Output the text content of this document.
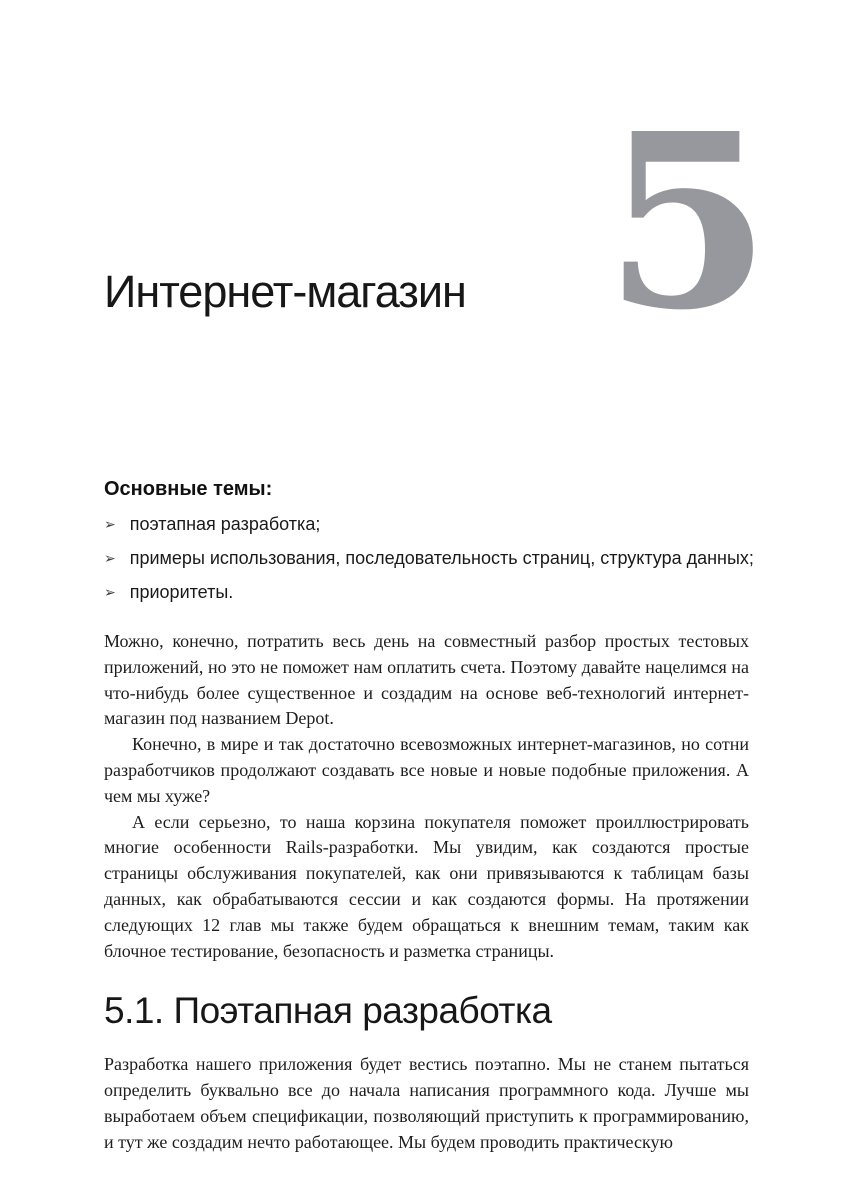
5
Интернет-магазин
Основные темы:
➢ поэтапная разработка;
➢ примеры использования, последовательность страниц, структура данных;
➢ приоритеты.

Можно, конечно, потратить весь день на совместный разбор простых тестовых приложений, но это не поможет нам оплатить счета. Поэтому давайте нацелимся на что-нибудь более существенное и создадим на основе веб-технологий интернет-магазин под названием Depot.

Конечно, в мире и так достаточно всевозможных интернет-магазинов, но сотни разработчиков продолжают создавать все новые и новые подобные приложения. А чем мы хуже?

А если серьезно, то наша корзина покупателя поможет проиллюстрировать многие особенности Rails-разработки. Мы увидим, как создаются простые страницы обслуживания покупателей, как они привязываются к таблицам базы данных, как обрабатываются сессии и как создаются формы. На протяжении следующих 12 глав мы также будем обращаться к внешним темам, таким как блочное тестирование, безопасность и разметка страницы.

5.1. Поэтапная разработка

Разработка нашего приложения будет вестись поэтапно. Мы не станем пытаться определить буквально все до начала написания программного кода. Лучше мы выработаем объем спецификации, позволяющий приступить к программированию, и тут же создадим нечто работающее. Мы будем проводить практическую
